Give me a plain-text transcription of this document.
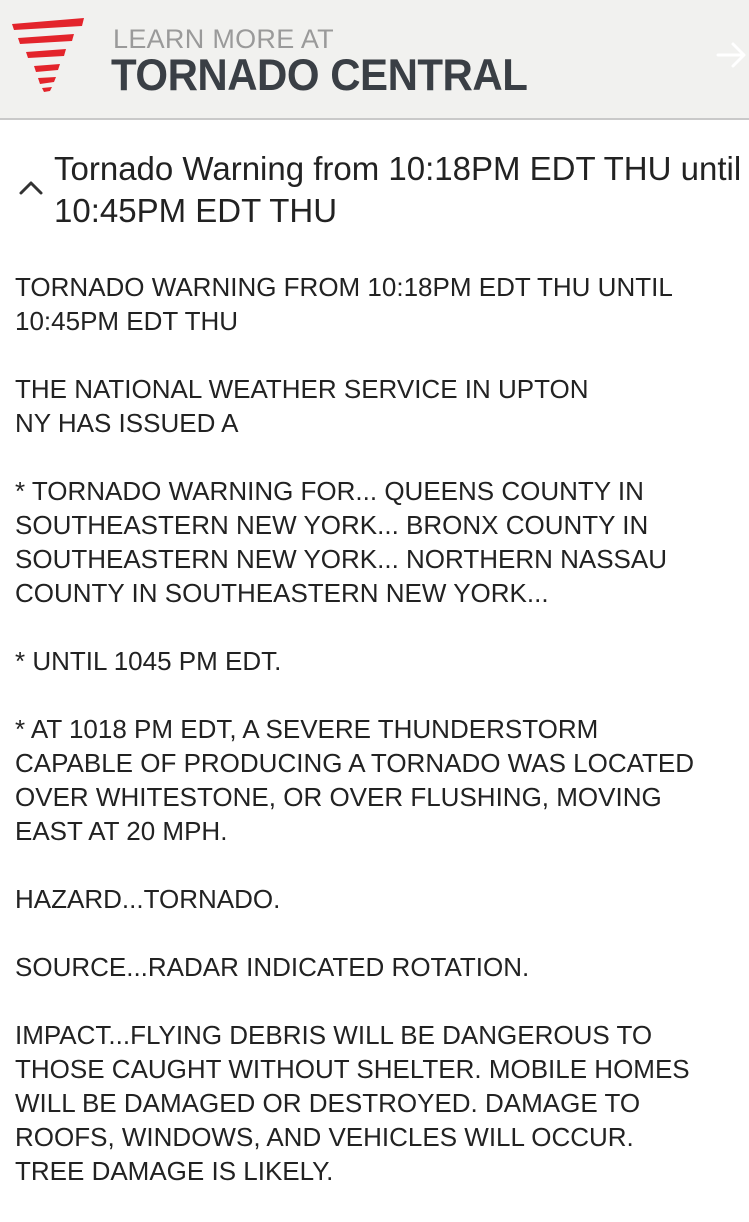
LEARN MORE AT
TORNADO CENTRAL
Tornado Warning from 10:18PM EDT THU until 10:45PM EDT THU

TORNADO WARNING FROM 10:18PM EDT THU UNTIL
10:45PM EDT THU

THE NATIONAL WEATHER SERVICE IN UPTON
NY HAS ISSUED A

* TORNADO WARNING FOR... QUEENS COUNTY IN
SOUTHEASTERN NEW YORK... BRONX COUNTY IN
SOUTHEASTERN NEW YORK... NORTHERN NASSAU
COUNTY IN SOUTHEASTERN NEW YORK...

* UNTIL 1045 PM EDT.

* AT 1018 PM EDT, A SEVERE THUNDERSTORM
CAPABLE OF PRODUCING A TORNADO WAS LOCATED
OVER WHITESTONE, OR OVER FLUSHING, MOVING
EAST AT 20 MPH.

HAZARD...TORNADO.

SOURCE...RADAR INDICATED ROTATION.

IMPACT...FLYING DEBRIS WILL BE DANGEROUS TO
THOSE CAUGHT WITHOUT SHELTER. MOBILE HOMES
WILL BE DAMAGED OR DESTROYED. DAMAGE TO
ROOFS, WINDOWS, AND VEHICLES WILL OCCUR.
TREE DAMAGE IS LIKELY.
